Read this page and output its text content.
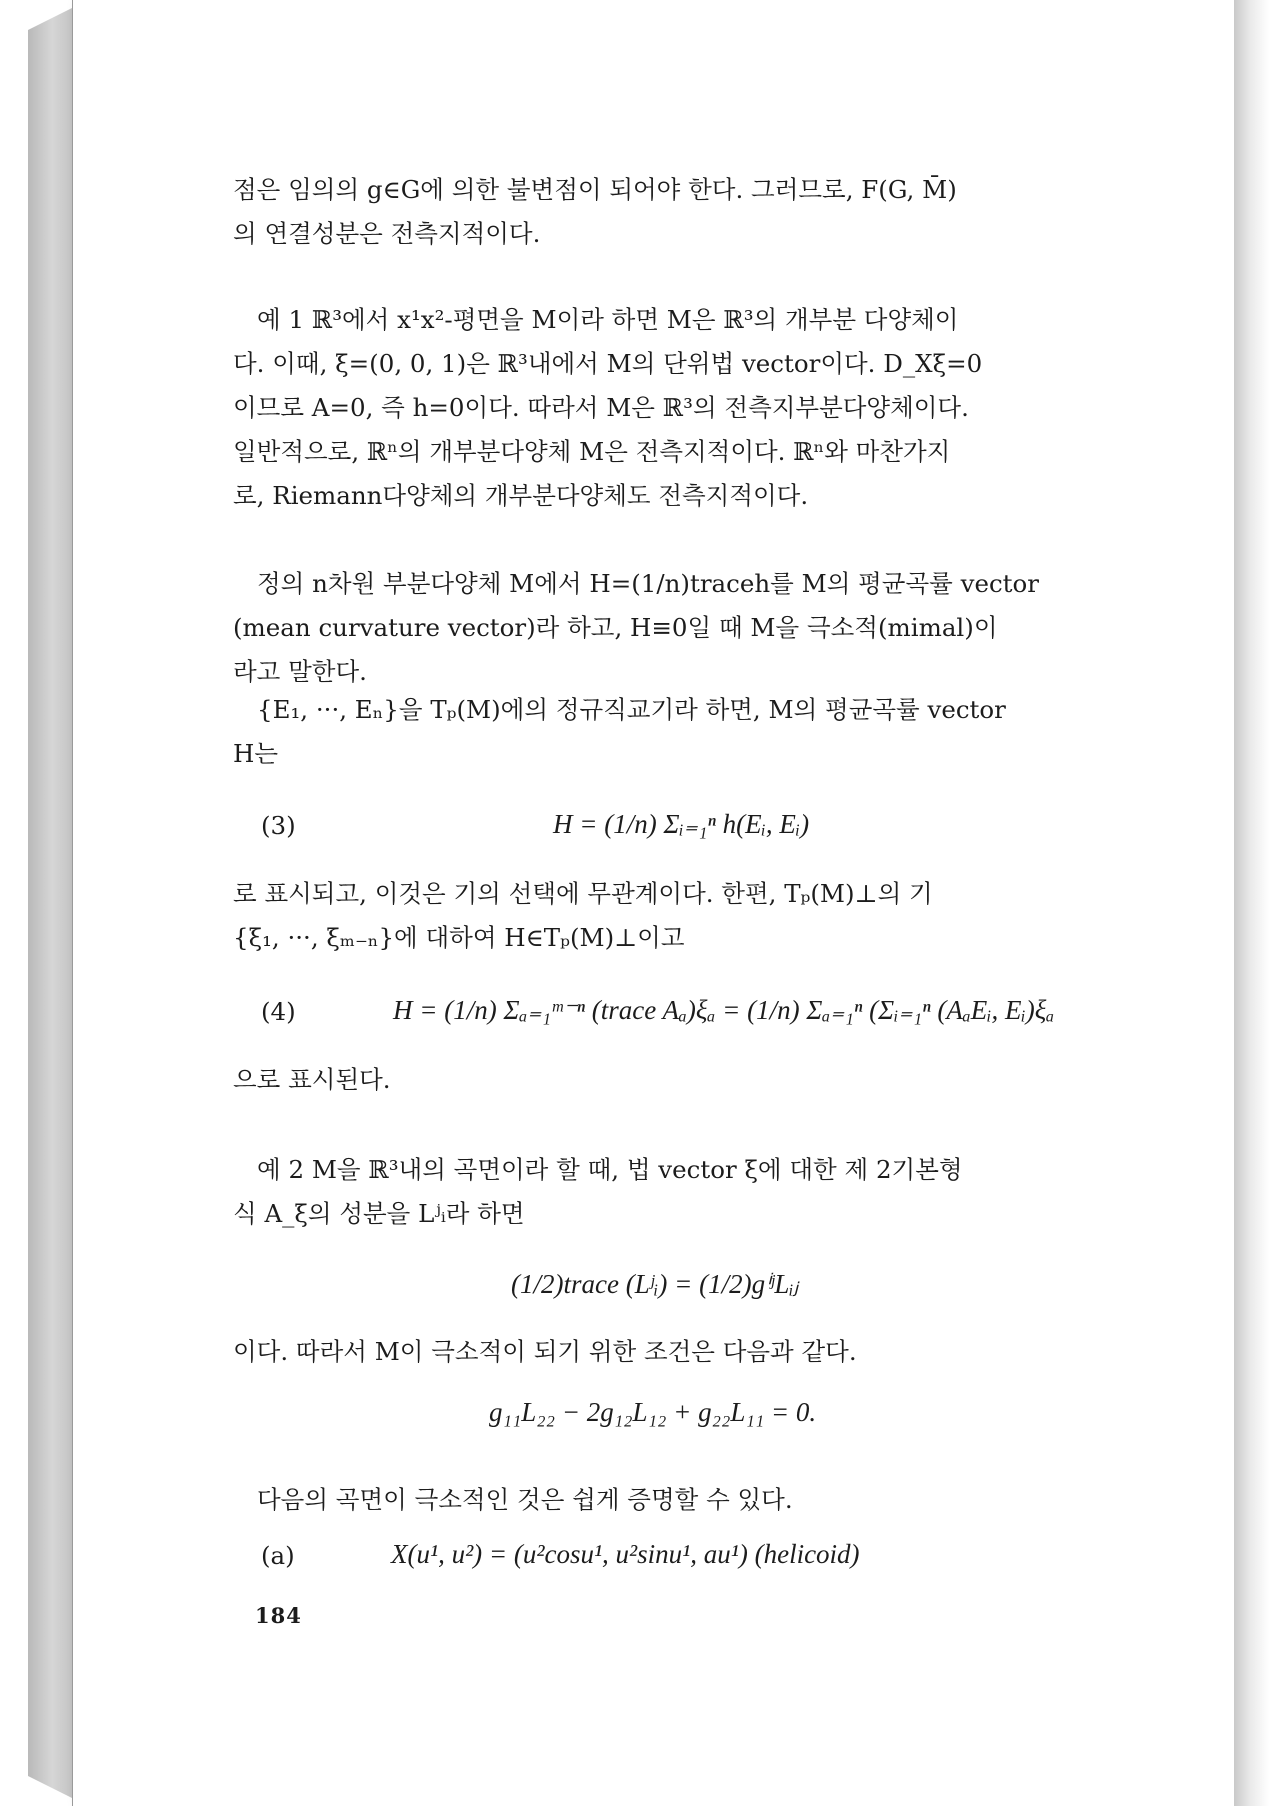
점은 임의의 g∈G에 의한 불변점이 되어야 한다. 그러므로, F(G, M̄)
의 연결성분은 전측지적이다.
예 1 ℝ³에서 x¹x²-평면을 M이라 하면 M은 ℝ³의 개부분 다양체이
다. 이때, ξ=(0, 0, 1)은 ℝ³내에서 M의 단위법 vector이다. D_Xξ=0
이므로 A=0, 즉 h=0이다. 따라서 M은 ℝ³의 전측지부분다양체이다.
일반적으로, ℝⁿ의 개부분다양체 M은 전측지적이다. ℝⁿ와 마찬가지
로, Riemann다양체의 개부분다양체도 전측지적이다.
정의 n차원 부분다양체 M에서 H=(1/n)traceh를 M의 평균곡률 vector
(mean curvature vector)라 하고, H≡0일 때 M을 극소적(mimal)이
라고 말한다.
{E₁, ···, Eₙ}을 Tₚ(M)에의 정규직교기라 하면, M의 평균곡률 vector
H는
(3)	H = (1/n) Σᵢ₌₁ⁿ h(Eᵢ, Eᵢ)
로 표시되고, 이것은 기의 선택에 무관계이다. 한편, Tₚ(M)⊥의 기
{ξ₁, ···, ξₘ₋ₙ}에 대하여 H∈Tₚ(M)⊥이고
(4)	H = (1/n) Σₐ₌₁ᵐ⁻ⁿ (trace Aₐ)ξₐ = (1/n) Σₐ₌₁ⁿ (Σᵢ₌₁ⁿ (AₐEᵢ, Eᵢ)ξₐ
으로 표시된다.
예 2 M을 ℝ³내의 곡면이라 할 때, 법 vector ξ에 대한 제 2기본형
식 A_ξ의 성분을 Lʲᵢ라 하면
(1/2)trace (Lʲᵢ) = (1/2)gⁱʲLᵢⱼ
이다. 따라서 M이 극소적이 되기 위한 조건은 다음과 같다.
g₁₁L₂₂ − 2g₁₂L₁₂ + g₂₂L₁₁ = 0.
다음의 곡면이 극소적인 것은 쉽게 증명할 수 있다.
(a)	X(u¹, u²) = (u²cosu¹, u²sinu¹, au¹) (helicoid)
184
